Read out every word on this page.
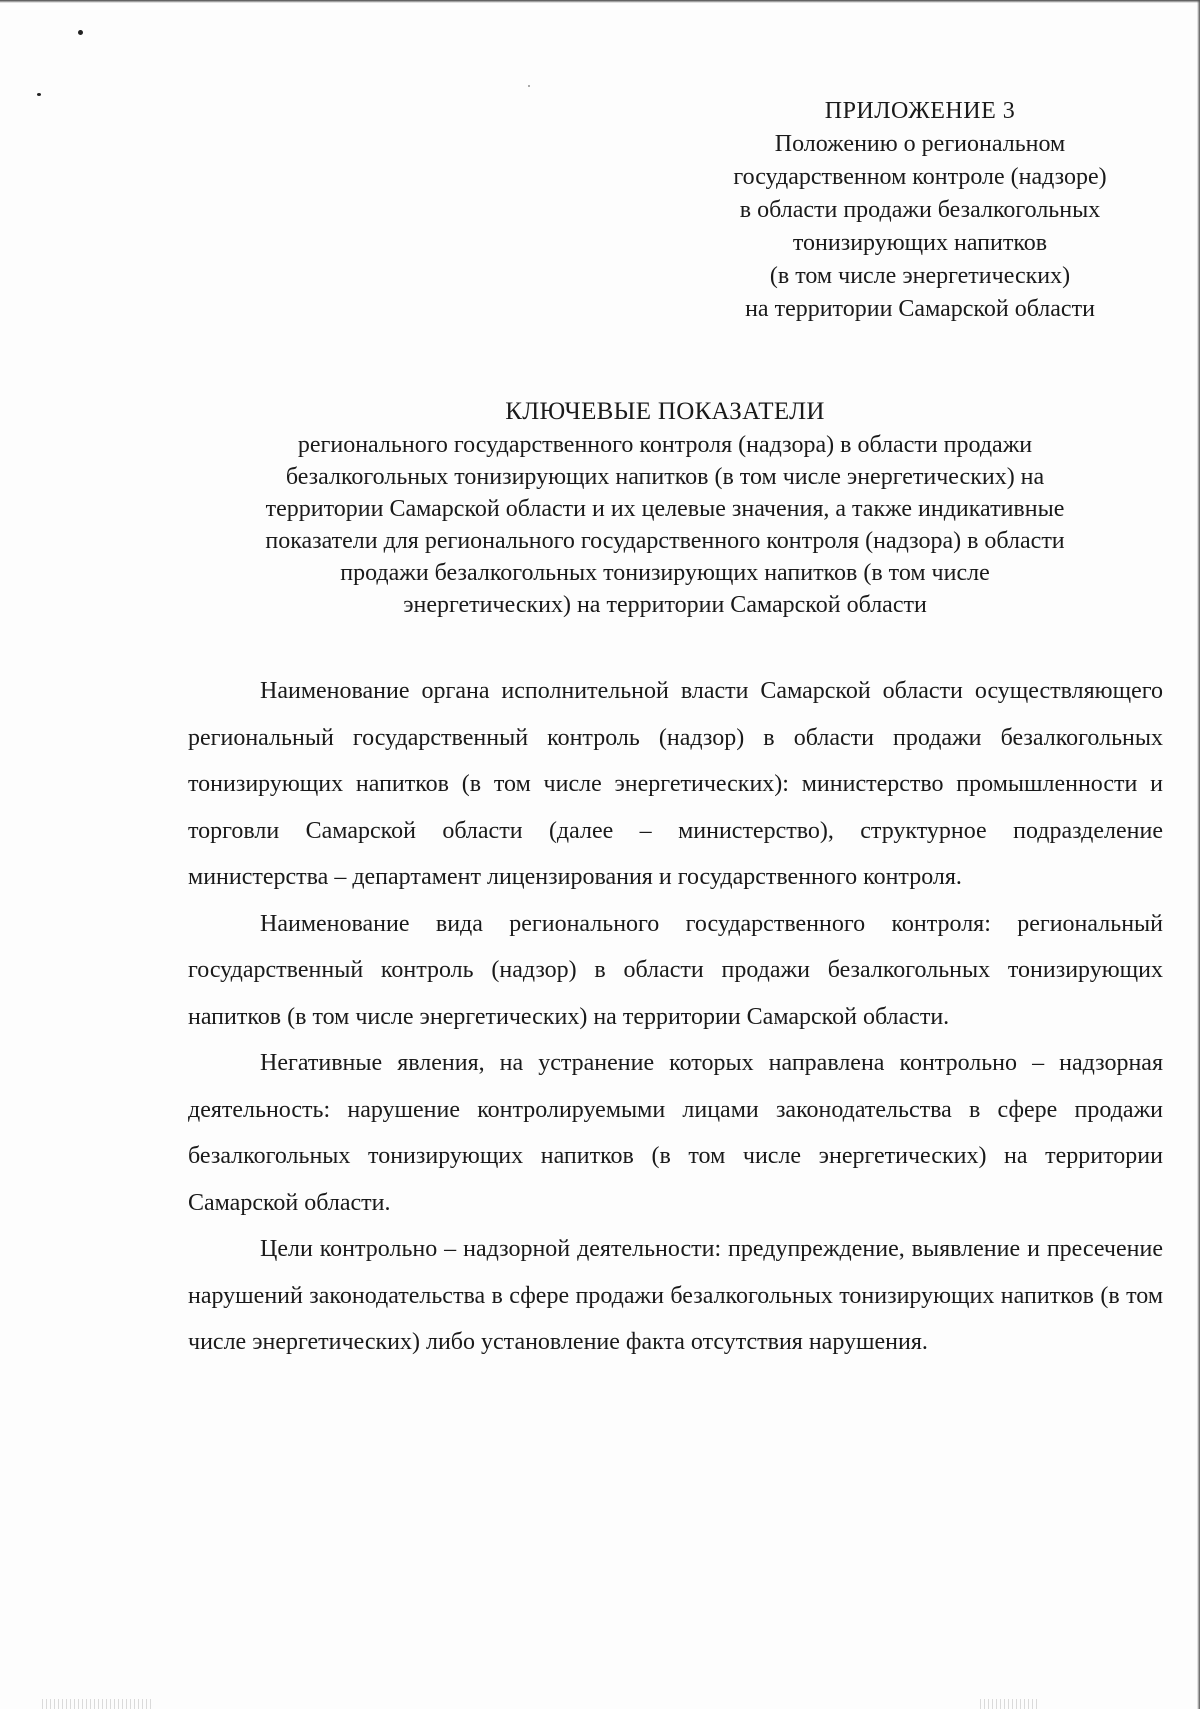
ПРИЛОЖЕНИЕ 3
Положению о региональном
государственном контроле (надзоре)
в области продажи безалкогольных
тонизирующих напитков
(в том числе энергетических)
на территории Самарской области
КЛЮЧЕВЫЕ ПОКАЗАТЕЛИ
регионального государственного контроля (надзора) в области продажи
безалкогольных тонизирующих напитков (в том числе энергетических) на
территории Самарской области и их целевые значения, а также индикативные
показатели для регионального государственного контроля (надзора) в области
продажи безалкогольных тонизирующих напитков (в том числе
энергетических) на территории Самарской области

Наименование органа исполнительной власти Самарской области осуществляющего региональный государственный контроль (надзор) в области продажи безалкогольных тонизирующих напитков (в том числе энергетических): министерство промышленности и торговли Самарской области (далее – министерство), структурное подразделение министерства – департамент лицензирования и государственного контроля.

Наименование вида регионального государственного контроля: региональный государственный контроль (надзор) в области продажи безалкогольных тонизирующих напитков (в том числе энергетических) на территории Самарской области.

Негативные явления, на устранение которых направлена контрольно – надзорная деятельность: нарушение контролируемыми лицами законодательства в сфере продажи безалкогольных тонизирующих напитков (в том числе энергетических) на территории Самарской области.

Цели контрольно – надзорной деятельности: предупреждение, выявление и пресечение нарушений законодательства в сфере продажи безалкогольных тонизирующих напитков (в том числе энергетических) либо установление факта отсутствия нарушения.
